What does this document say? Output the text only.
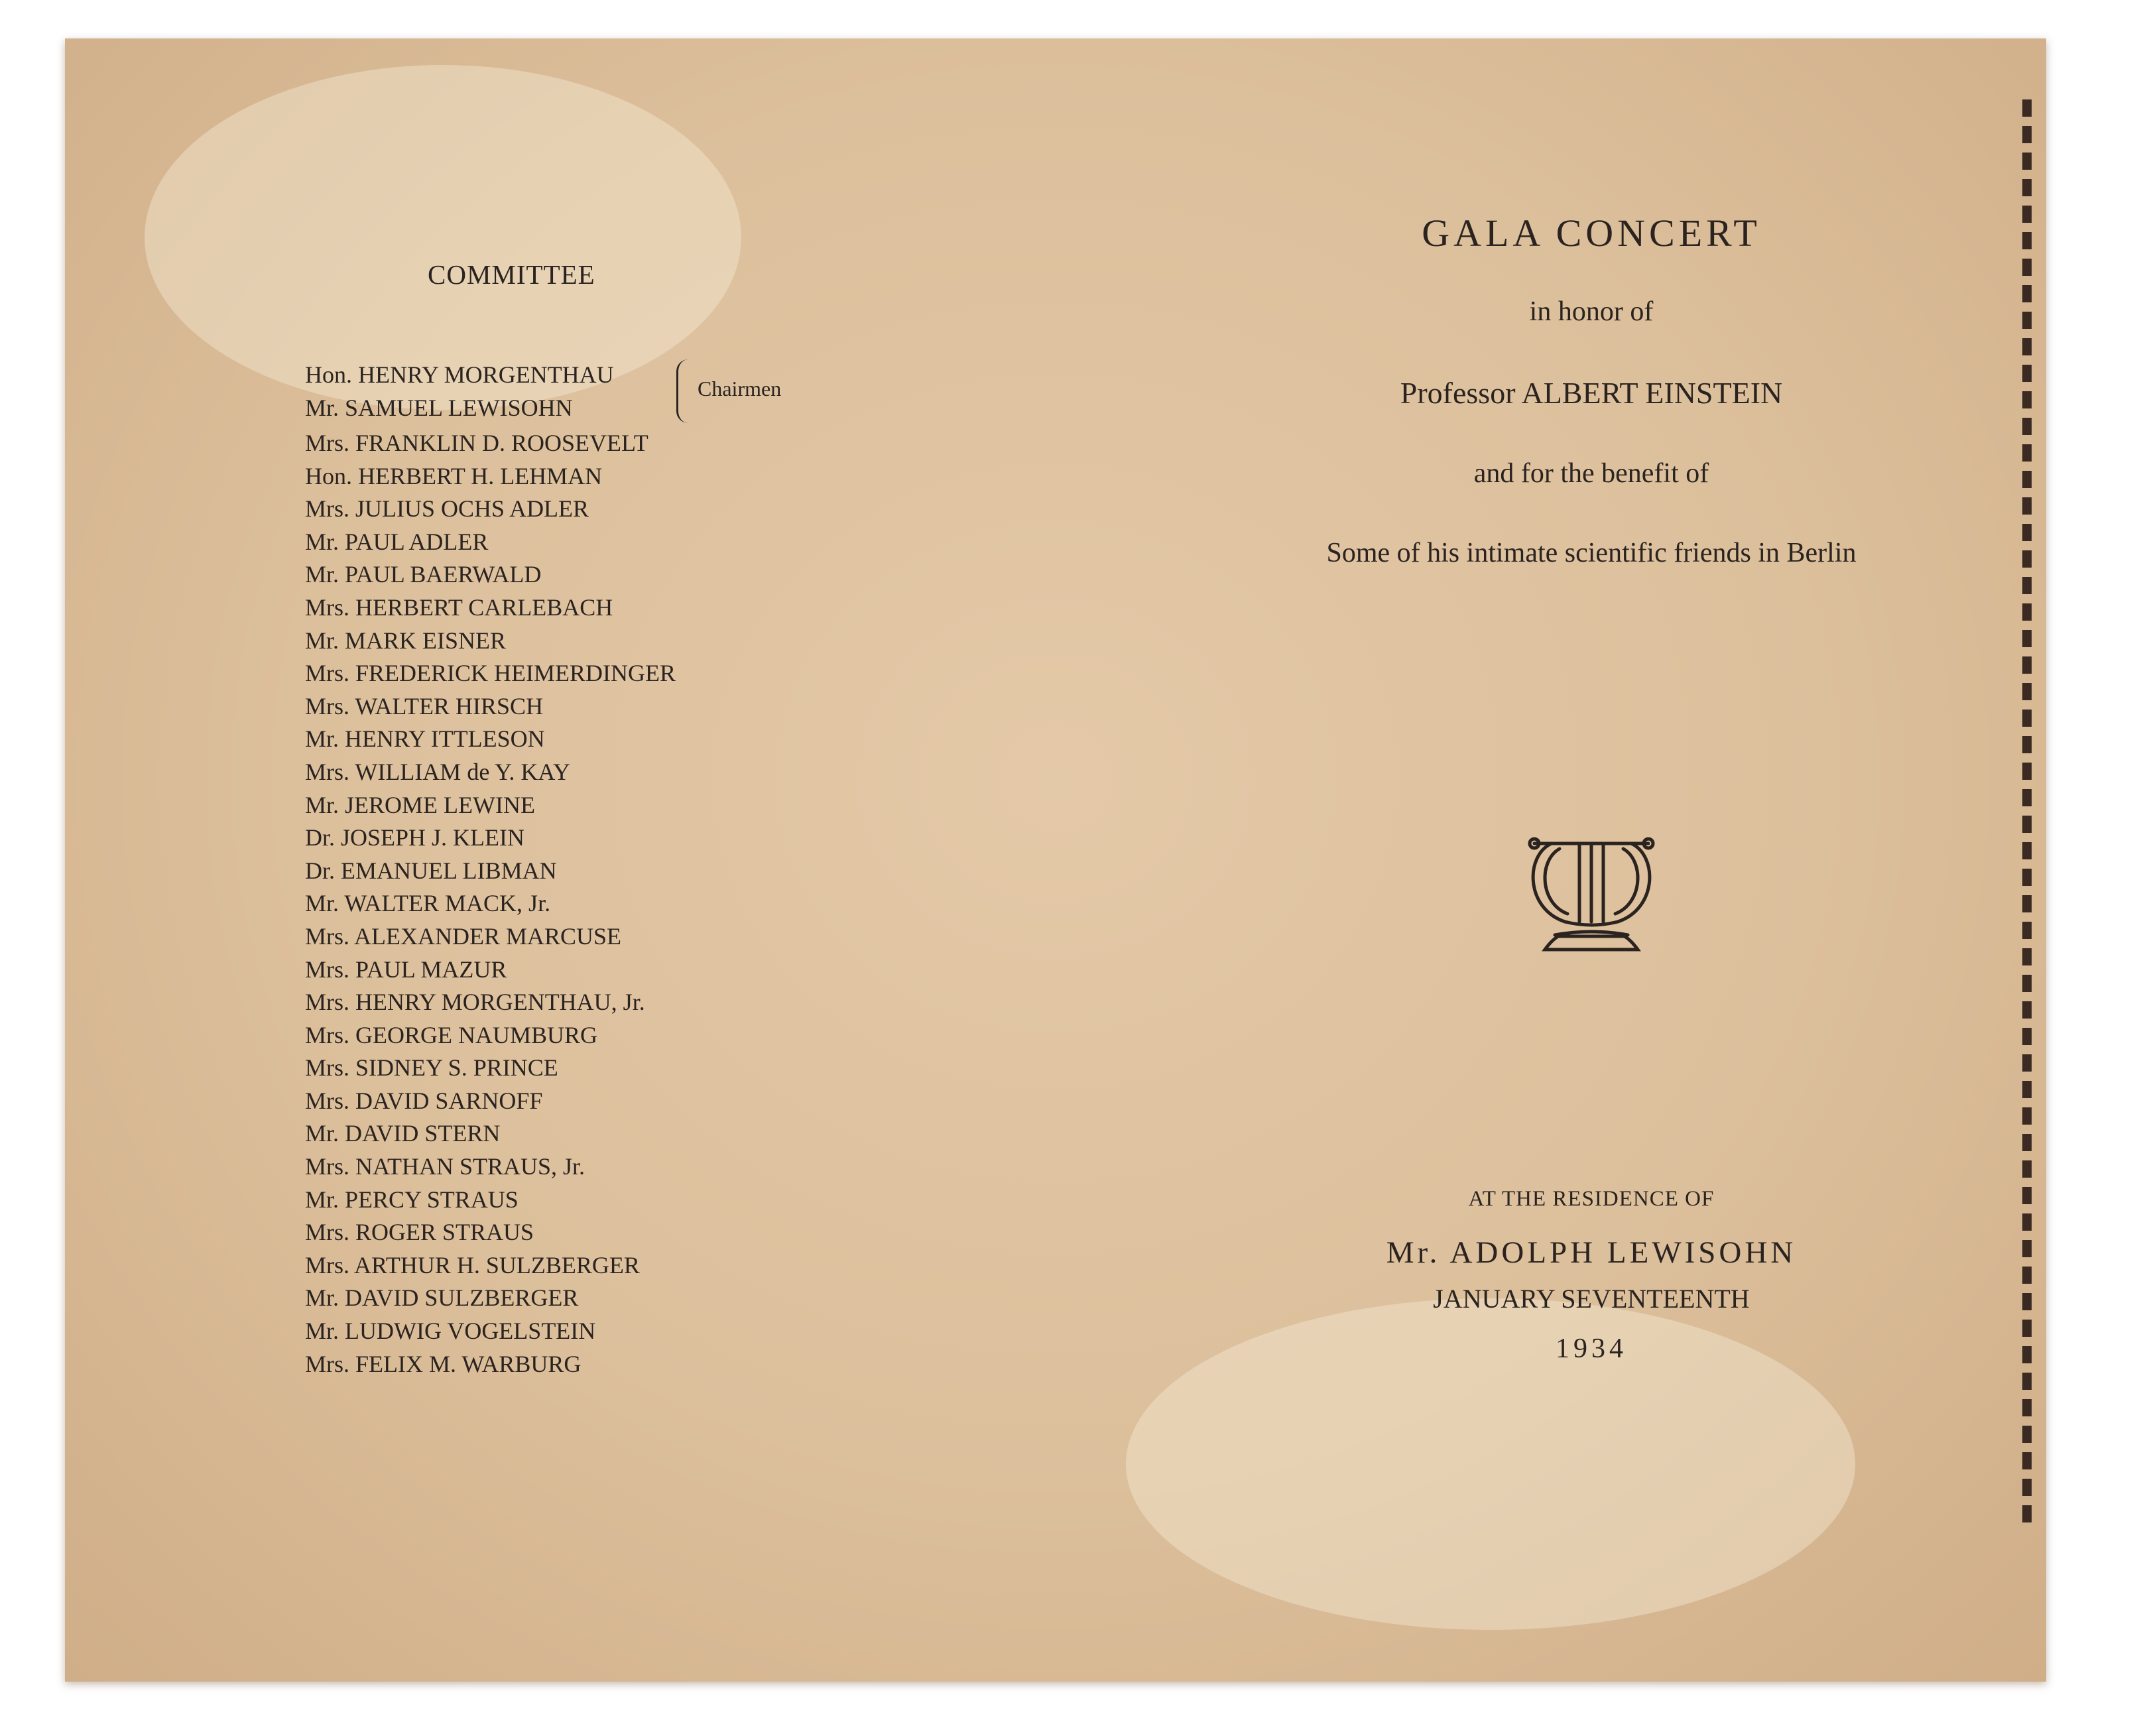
COMMITTEE
Hon. HENRY MORGENTHAU
Mr. SAMUEL LEWISOHN
Chairmen
Mrs. FRANKLIN D. ROOSEVELT
Hon. HERBERT H. LEHMAN
Mrs. JULIUS OCHS ADLER
Mr. PAUL ADLER
Mr. PAUL BAERWALD
Mrs. HERBERT CARLEBACH
Mr. MARK EISNER
Mrs. FREDERICK HEIMERDINGER
Mrs. WALTER HIRSCH
Mr. HENRY ITTLESON
Mrs. WILLIAM de Y. KAY
Mr. JEROME LEWINE
Dr. JOSEPH J. KLEIN
Dr. EMANUEL LIBMAN
Mr. WALTER MACK, Jr.
Mrs. ALEXANDER MARCUSE
Mrs. PAUL MAZUR
Mrs. HENRY MORGENTHAU, Jr.
Mrs. GEORGE NAUMBURG
Mrs. SIDNEY S. PRINCE
Mrs. DAVID SARNOFF
Mr. DAVID STERN
Mrs. NATHAN STRAUS, Jr.
Mr. PERCY STRAUS
Mrs. ROGER STRAUS
Mrs. ARTHUR H. SULZBERGER
Mr. DAVID SULZBERGER
Mr. LUDWIG VOGELSTEIN
Mrs. FELIX M. WARBURG
GALA CONCERT
in honor of
Professor ALBERT EINSTEIN
and for the benefit of
Some of his intimate scientific friends in Berlin
AT THE RESIDENCE OF
Mr. ADOLPH LEWISOHN
JANUARY SEVENTEENTH
1934
